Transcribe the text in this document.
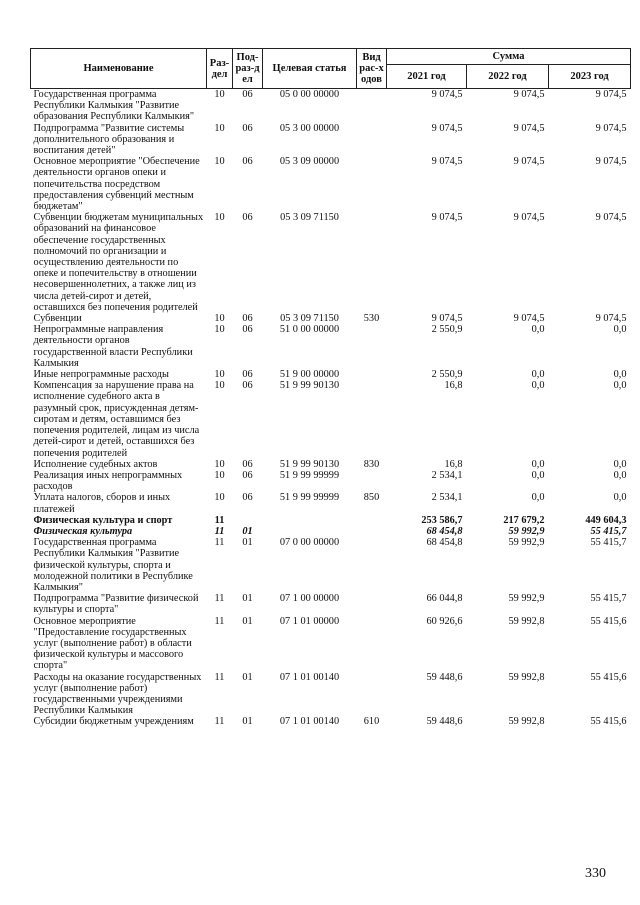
Наименование	Раз-дел	Под-раз-дел	Целевая статья	Вид рас-ходов	Сумма		
					2021 год	2022 год	2023 год
Государственная программа Республики Калмыкия "Развитие образования Республики Калмыкия"	10	06	05 0 00 00000		9 074,5	9 074,5	9 074,5
Подпрограмма "Развитие системы дополнительного образования и воспитания детей"	10	06	05 3 00 00000		9 074,5	9 074,5	9 074,5
Основное мероприятие "Обеспечение деятельности органов опеки и попечительства посредством предоставления субвенций местным бюджетам"	10	06	05 3 09 00000		9 074,5	9 074,5	9 074,5
Субвенции бюджетам муниципальных образований на финансовое обеспечение государственных полномочий по организации и осуществлению деятельности по опеке и попечительству в отношении несовершеннолетних, а также лиц из числа детей-сирот и детей, оставшихся без попечения родителей	10	06	05 3 09 71150		9 074,5	9 074,5	9 074,5
Субвенции	10	06	05 3 09 71150	530	9 074,5	9 074,5	9 074,5
Непрограммные направления деятельности органов государственной власти Республики Калмыкия	10	06	51 0 00 00000		2 550,9	0,0	0,0
Иные непрограммные расходы	10	06	51 9 00 00000		2 550,9	0,0	0,0
Компенсация за нарушение права на исполнение судебного акта в разумный срок, присужденная детям-сиротам и детям, оставшимся без попечения родителей, лицам из числа детей-сирот и детей, оставшихся без попечения родителей	10	06	51 9 99 90130		16,8	0,0	0,0
Исполнение судебных актов	10	06	51 9 99 90130	830	16,8	0,0	0,0
Реализация иных непрограммных расходов	10	06	51 9 99 99999		2 534,1	0,0	0,0
Уплата налогов, сборов и иных платежей	10	06	51 9 99 99999	850	2 534,1	0,0	0,0
Физическая культура и спорт	11				253 586,7	217 679,2	449 604,3
Физическая культура	11	01			68 454,8	59 992,9	55 415,7
Государственная программа Республики Калмыкия "Развитие физической культуры, спорта и молодежной политики в Республике Калмыкия"	11	01	07 0 00 00000		68 454,8	59 992,9	55 415,7
Подпрограмма "Развитие физической культуры и спорта"	11	01	07 1 00 00000		66 044,8	59 992,9	55 415,7
Основное мероприятие "Предоставление государственных услуг (выполнение работ) в области физической культуры и массового спорта"	11	01	07 1 01 00000		60 926,6	59 992,8	55 415,6
Расходы на оказание государственных услуг (выполнение работ) государственными учреждениями Республики Калмыкия	11	01	07 1 01 00140		59 448,6	59 992,8	55 415,6
Субсидии бюджетным учреждениям	11	01	07 1 01 00140	610	59 448,6	59 992,8	55 415,6
330
